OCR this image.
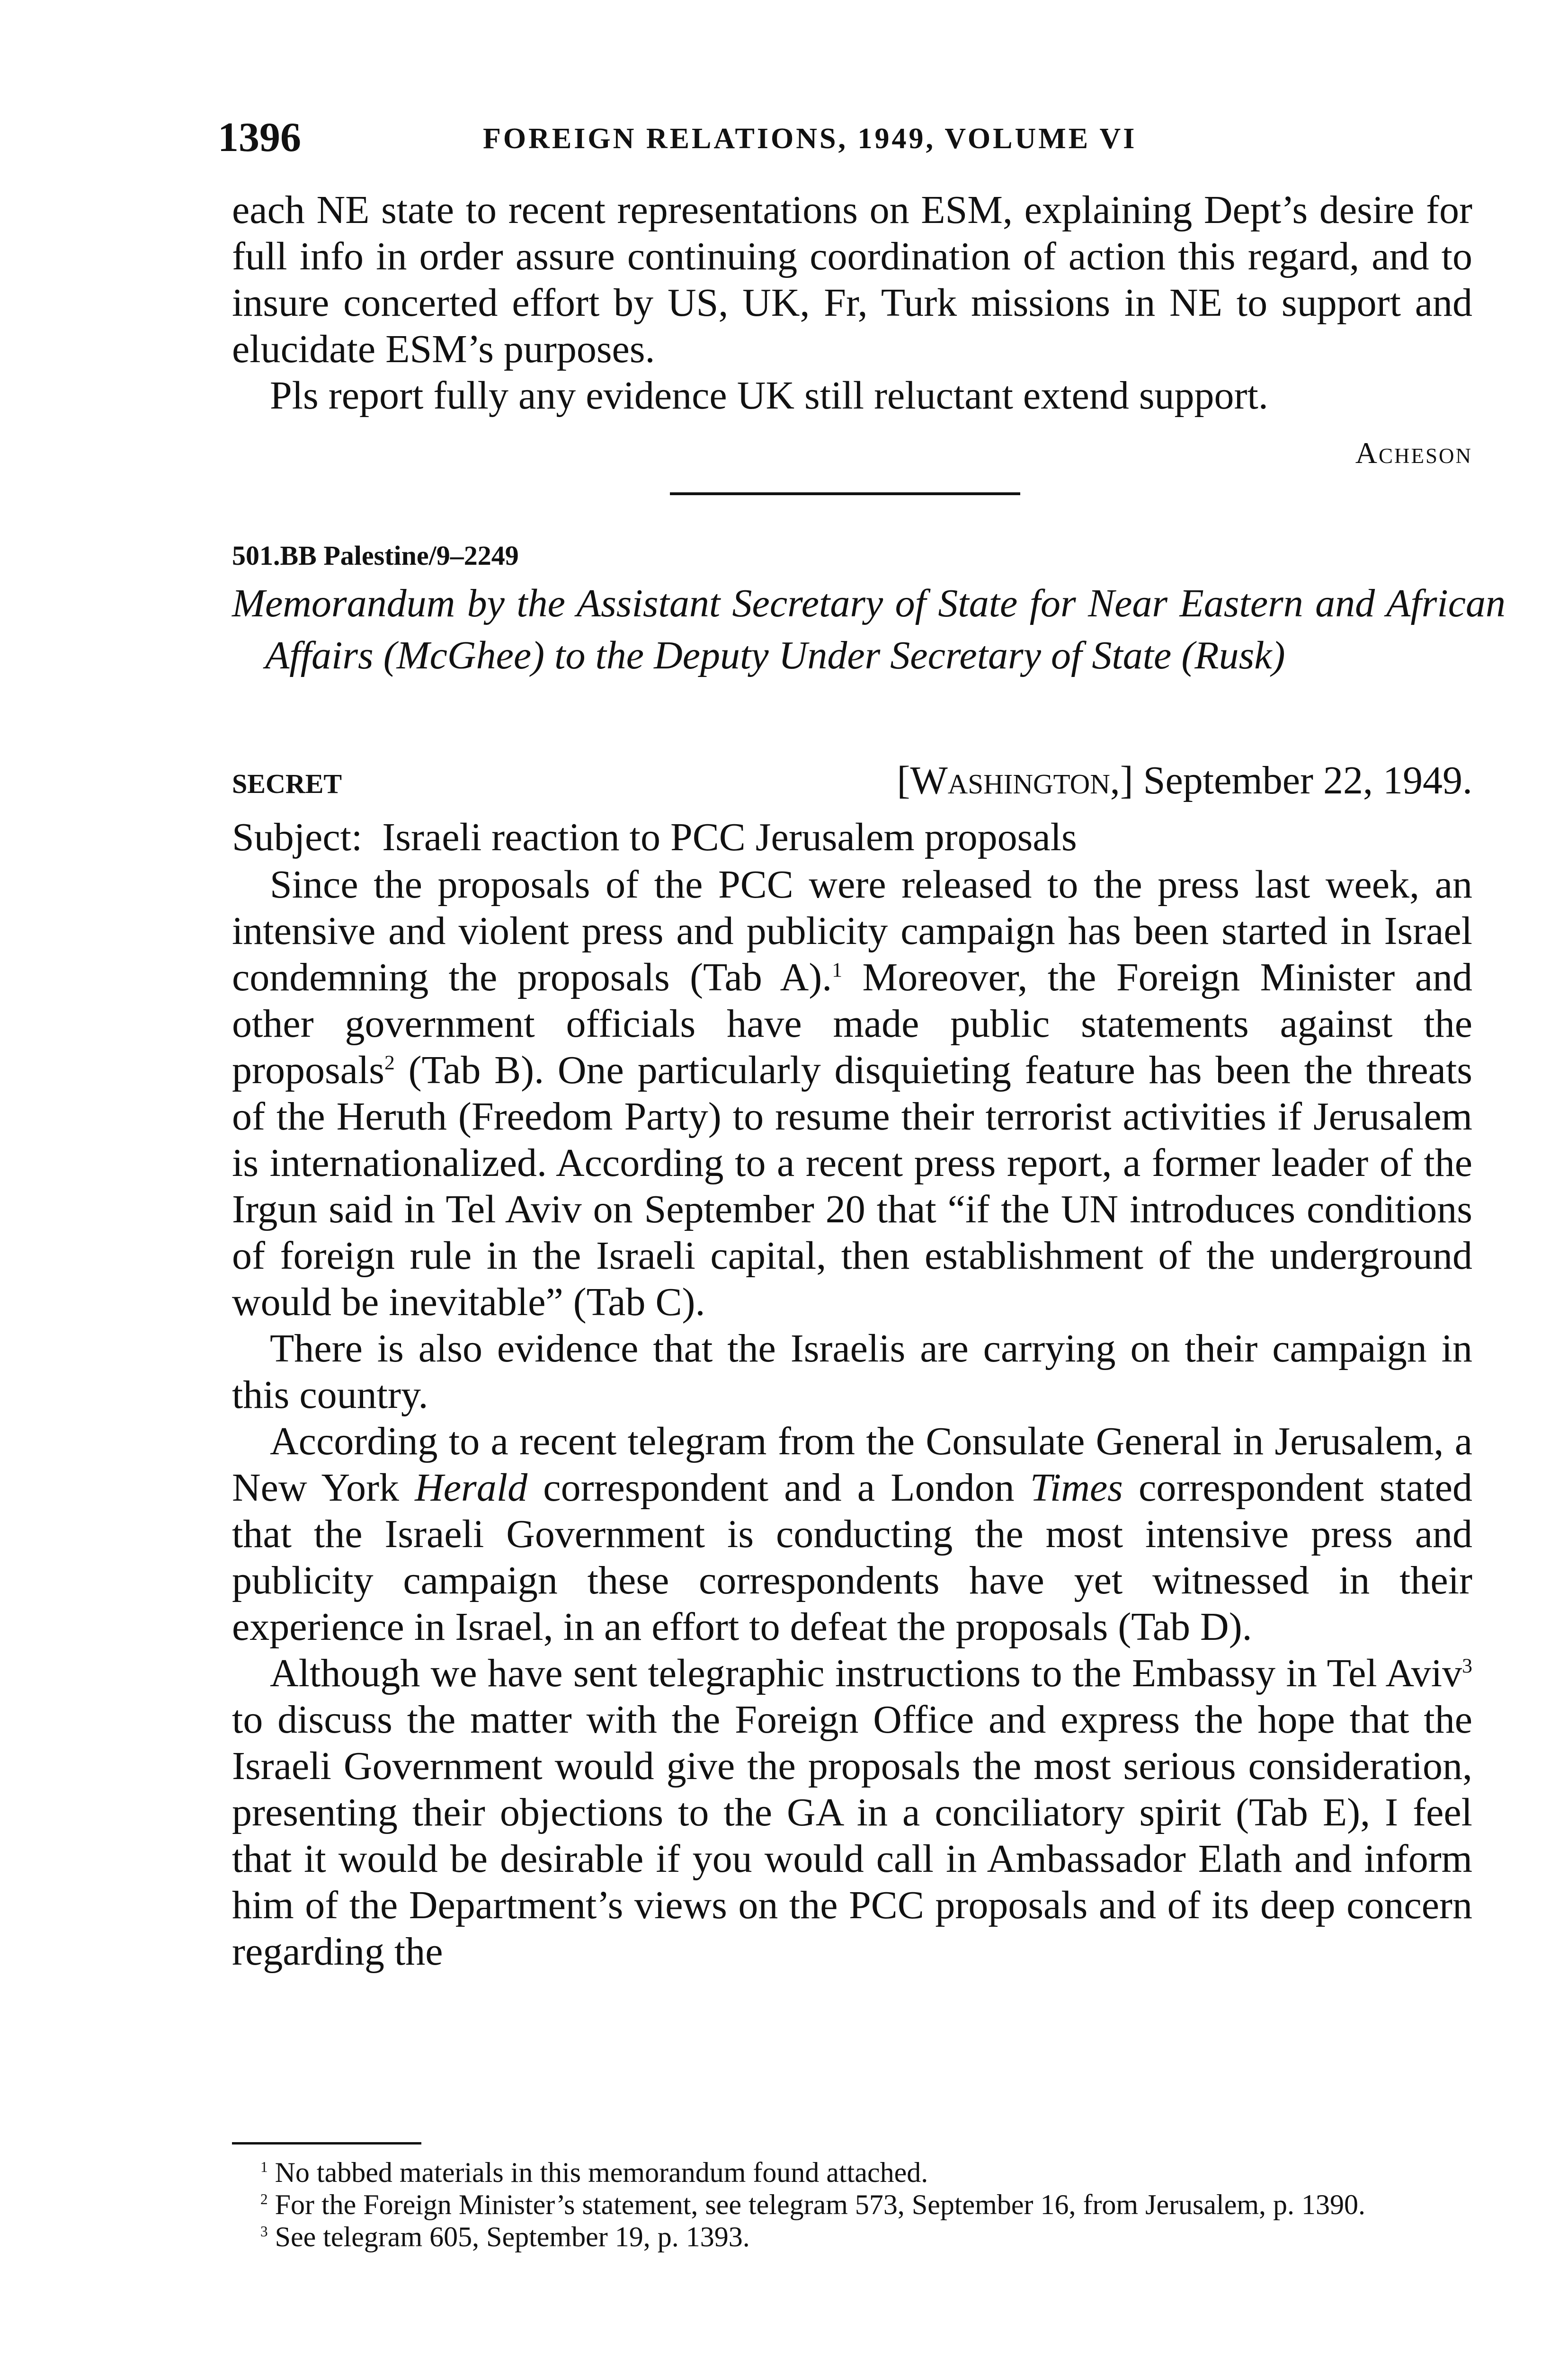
1396	FOREIGN RELATIONS, 1949, VOLUME VI

each NE state to recent representations on ESM, explaining Dept’s desire for full info in order assure continuing coordination of action this regard, and to insure concerted effort by US, UK, Fr, Turk missions in NE to support and elucidate ESM’s purposes.

Pls report fully any evidence UK still reluctant extend support.

Acheson
501.BB Palestine/9–2249
Memorandum by the Assistant Secretary of State for Near Eastern and African Affairs (McGhee) to the Deputy Under Secretary of State (Rusk)
SECRET	[Washington,] September 22, 1949.
Subject: Israeli reaction to PCC Jerusalem proposals

Since the proposals of the PCC were released to the press last week, an intensive and violent press and publicity campaign has been started in Israel condemning the proposals (Tab A).$^1$ Moreover, the Foreign Minister and other government officials have made public statements against the proposals$^2$ (Tab B). One particularly disquieting feature has been the threats of the Heruth (Freedom Party) to resume their terrorist activities if Jerusalem is internationalized. According to a recent press report, a former leader of the Irgun said in Tel Aviv on September 20 that “if the UN introduces conditions of foreign rule in the Israeli capital, then establishment of the underground would be inevitable” (Tab C).

There is also evidence that the Israelis are carrying on their campaign in this country.

According to a recent telegram from the Consulate General in Jerusalem, a New York Herald correspondent and a London Times correspondent stated that the Israeli Government is conducting the most intensive press and publicity campaign these correspondents have yet witnessed in their experience in Israel, in an effort to defeat the proposals (Tab D).

Although we have sent telegraphic instructions to the Embassy in Tel Aviv$^3$ to discuss the matter with the Foreign Office and express the hope that the Israeli Government would give the proposals the most serious consideration, presenting their objections to the GA in a conciliatory spirit (Tab E), I feel that it would be desirable if you would call in Ambassador Elath and inform him of the Department’s views on the PCC proposals and of its deep concern regarding the

$^1$ No tabbed materials in this memorandum found attached.

$^2$ For the Foreign Minister’s statement, see telegram 573, September 16, from Jerusalem, p. 1390.

$^3$ See telegram 605, September 19, p. 1393.
